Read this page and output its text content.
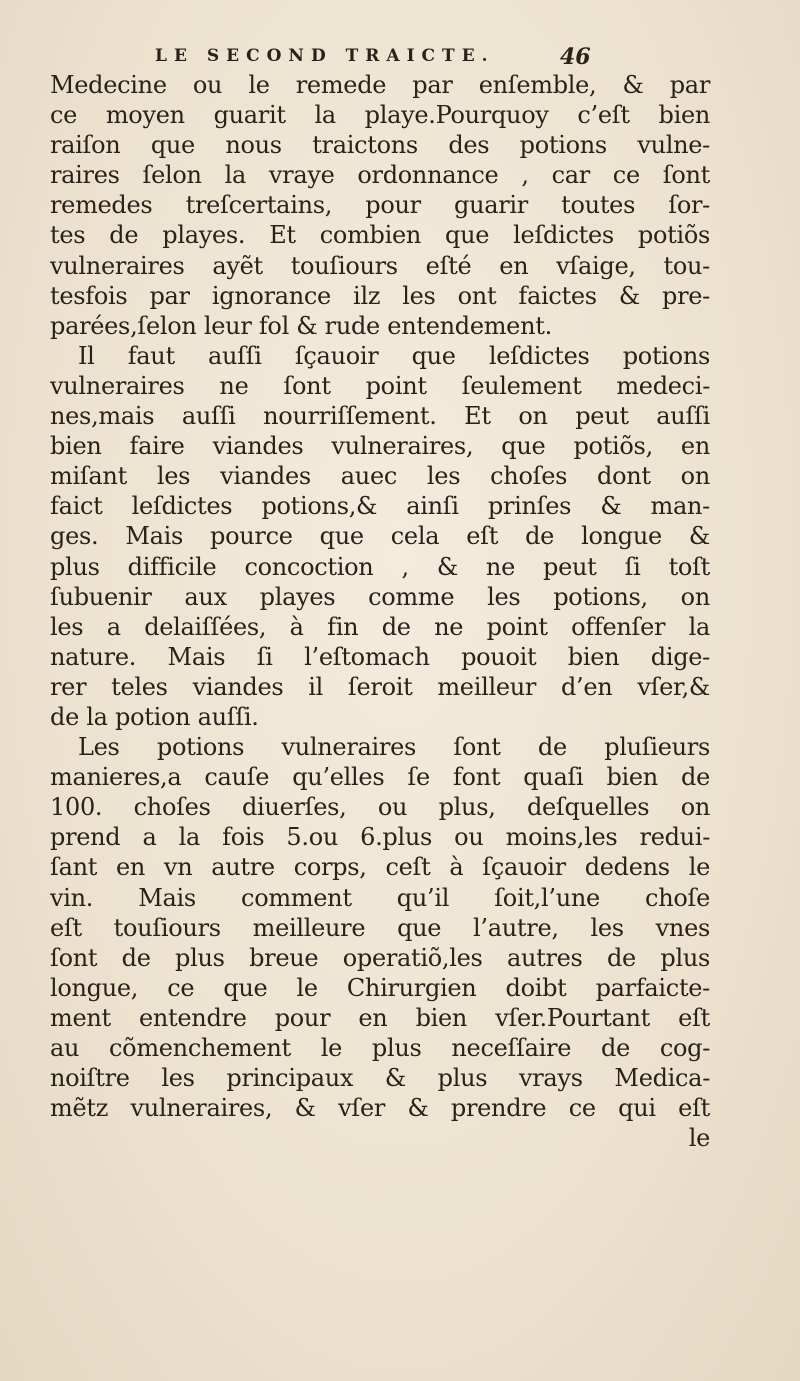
LE SECOND TRAICTE.	46
Medecine ou le remede par enſemble, & par
ce moyen guarit la playe.Pourquoy c’eſt bien
raiſon que nous traictons des potions vulne-
raires ſelon la vraye ordonnance , car ce ſont
remedes treſcertains, pour guarir toutes ſor-
tes de playes. Et combien que leſdictes potiõs
vulneraires ayẽt touſiours eſté en vſaige, tou-
tesfois par ignorance ilz les ont faictes & pre-
parées,ſelon leur fol & rude entendement.
Il faut auſſi ſçauoir que leſdictes potions
vulneraires ne ſont point ſeulement medeci-
nes,mais auſſi nourriſſement. Et on peut auſſi
bien faire viandes vulneraires, que potiõs, en
miſant les viandes auec les choſes dont on
faict leſdictes potions,& ainſi prinſes & man-
ges. Mais pource que cela eſt de longue &
plus difficile concoction , & ne peut ſi toſt
ſubuenir aux playes comme les potions, on
les a delaiſſées, à fin de ne point offenſer la
nature. Mais ſi l’eſtomach pouoit bien dige-
rer teles viandes il ſeroit meilleur d’en vſer,&
de la potion auſſi.
Les potions vulneraires ſont de pluſieurs
manieres,a cauſe qu’elles ſe font quaſi bien de
100. choſes diuerſes, ou plus, deſquelles on
prend a la fois 5.ou 6.plus ou moins,les redui-
ſant en vn autre corps, ceſt à ſçauoir dedens le
vin. Mais comment qu’il ſoit,l’une choſe
eſt touſiours meilleure que l’autre, les vnes
ſont de plus breue operatiõ,les autres de plus
longue, ce que le Chirurgien doibt parfaicte-
ment entendre pour en bien vſer.Pourtant eſt
au cõmenchement le plus neceſſaire de cog-
noiſtre les principaux & plus vrays Medica-
mẽtz vulneraires, & vſer & prendre ce qui eſt
le
